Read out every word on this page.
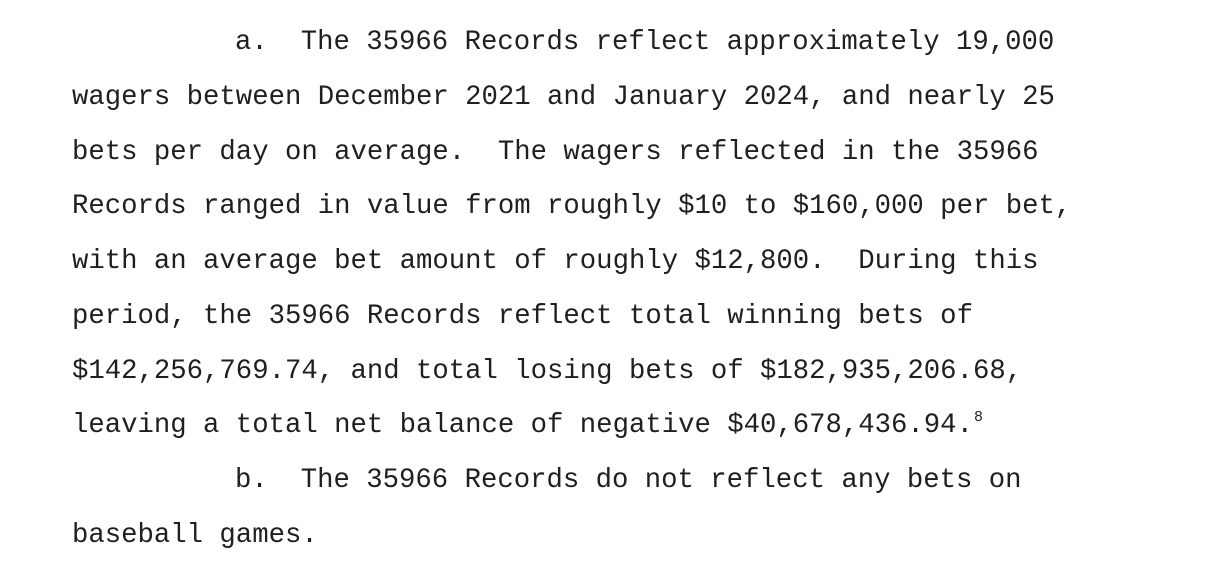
a. The 35966 Records reflect approximately 19,000
wagers between December 2021 and January 2024, and nearly 25
bets per day on average.  The wagers reflected in the 35966
Records ranged in value from roughly $10 to $160,000 per bet,
with an average bet amount of roughly $12,800.  During this
period, the 35966 Records reflect total winning bets of
$142,256,769.74, and total losing bets of $182,935,206.68,
leaving a total net balance of negative $40,678,436.94.$^8$
b. The 35966 Records do not reflect any bets on
baseball games.
